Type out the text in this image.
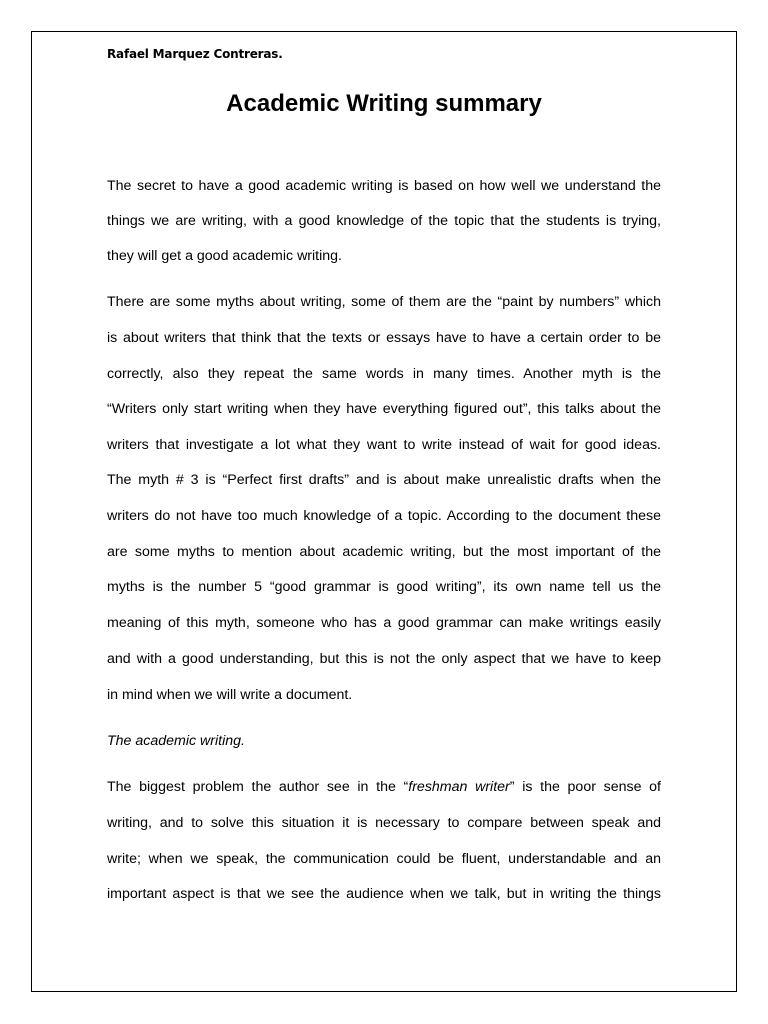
Rafael Marquez Contreras.
Academic Writing summary
The secret to have a good academic writing is based on how well we understand the
things we are writing, with a good knowledge of the topic that the students is trying,
they will get a good academic writing.
There are some myths about writing, some of them are the “paint by numbers” which
is about writers that think that the texts or essays have to have a certain order to be
correctly, also they repeat the same words in many times. Another myth is the
“Writers only start writing when they have everything figured out”, this talks about the
writers that investigate a lot what they want to write instead of wait for good ideas.
The myth # 3 is “Perfect first drafts” and is about make unrealistic drafts when the
writers do not have too much knowledge of a topic. According to the document these
are some myths to mention about academic writing, but the most important of the
myths is the number 5 “good grammar is good writing”, its own name tell us the
meaning of this myth, someone who has a good grammar can make writings easily
and with a good understanding, but this is not the only aspect that we have to keep
in mind when we will write a document.
The academic writing.
The biggest problem the author see in the “freshman writer” is the poor sense of
writing, and to solve this situation it is necessary to compare between speak and
write; when we speak, the communication could be fluent, understandable and an
important aspect is that we see the audience when we talk, but in writing the things
